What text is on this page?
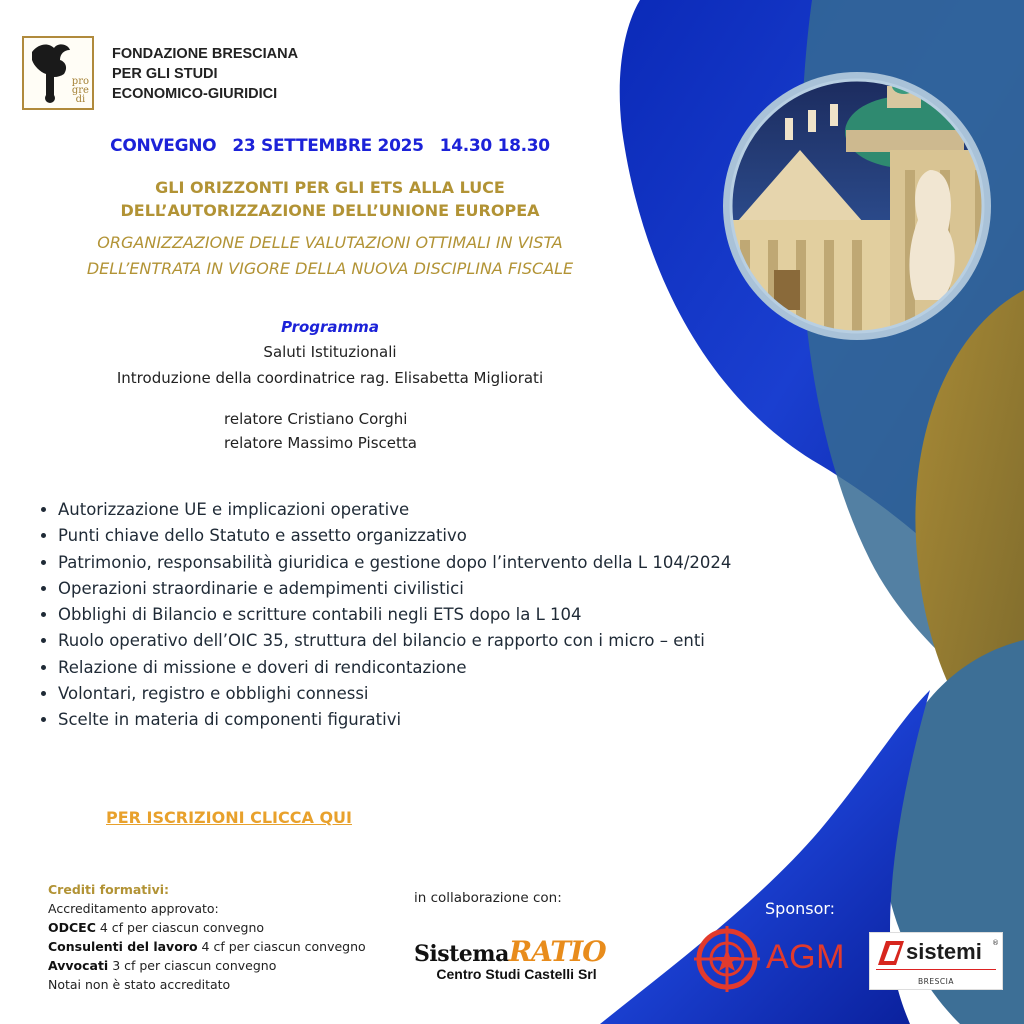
pro
gre
di
FONDAZIONE BRESCIANA
PER GLI STUDI
ECONOMICO-GIURIDICI
CONVEGNO 23 SETTEMBRE 2025 14.30 18.30
GLI ORIZZONTI PER GLI ETS ALLA LUCE
DELL’AUTORIZZAZIONE DELL’UNIONE EUROPEA
ORGANIZZAZIONE DELLE VALUTAZIONI OTTIMALI IN VISTA
DELL’ENTRATA IN VIGORE DELLA NUOVA DISCIPLINA FISCALE
Programma
Saluti Istituzionali
Introduzione della coordinatrice rag. Elisabetta Migliorati
relatore Cristiano Corghi
relatore Massimo Piscetta
• Autorizzazione UE e implicazioni operative
• Punti chiave dello Statuto e assetto organizzativo
• Patrimonio, responsabilità giuridica e gestione dopo l’intervento della L 104/2024
• Operazioni straordinarie e adempimenti civilistici
• Obblighi di Bilancio e scritture contabili negli ETS dopo la L 104
• Ruolo operativo dell’OIC 35, struttura del bilancio e rapporto con i micro – enti
• Relazione di missione e doveri di rendicontazione
• Volontari, registro e obblighi connessi
• Scelte in materia di componenti figurativi
PER ISCRIZIONI CLICCA QUI
Crediti formativi:
Accreditamento approvato:
ODCEC 4 cf per ciascun convegno
Consulenti del lavoro 4 cf per ciascun convegno
Avvocati 3 cf per ciascun convegno
Notai non è stato accreditato
in collaborazione con:
SistemaRATIO
Centro Studi Castelli Srl
Sponsor:
AGM	sistemi ®
BRESCIA
